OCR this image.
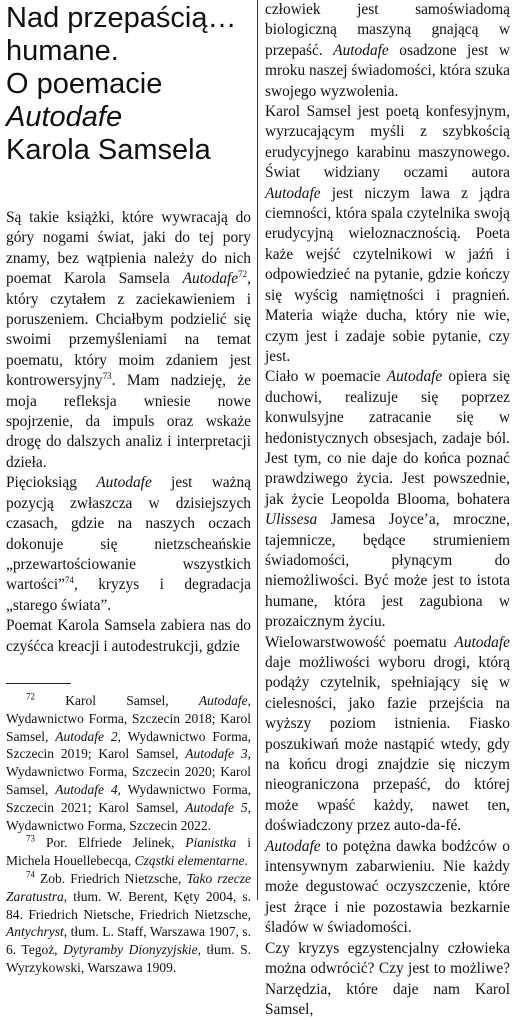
Nad przepaścią…
humane.
O poemacie
Autodafe
Karola Samsela

Są takie książki, które wywracają do góry nogami świat, jaki do tej pory znamy, bez wątpienia należy do nich poemat Karola Samsela Autodafe$^{72}$, który czytałem z zaciekawieniem i poruszeniem. Chciałbym podzielić się swoimi przemyśleniami na temat poematu, który moim zdaniem jest kontrowersyjny$^{73}$. Mam nadzieję, że moja refleksja wniesie nowe spojrzenie, da impuls oraz wskaże drogę do dalszych analiz i interpretacji dzieła.

Pięcioksiąg Autodafe jest ważną pozycją zwłaszcza w dzisiejszych czasach, gdzie na naszych oczach dokonuje się nietzscheańskie „przewartościowanie wszystkich wartości”$^{74}$, kryzys i degradacja „starego świata”.

Poemat Karola Samsela zabiera nas do czyśćca kreacji i autodestrukcji, gdzie

$^{72}$ Karol Samsel, Autodafe, Wydawnictwo Forma, Szczecin 2018; Karol Samsel, Autodafe 2, Wydawnictwo Forma, Szczecin 2019; Karol Samsel, Autodafe 3, Wydawnictwo Forma, Szczecin 2020; Karol Samsel, Autodafe 4, Wydawnictwo Forma, Szczecin 2021; Karol Samsel, Autodafe 5, Wydawnictwo Forma, Szczecin 2022.

$^{73}$ Por. Elfriede Jelinek, Pianistka i Michela Houellebecqa, Cząstki elementarne.

$^{74}$ Zob. Friedrich Nietzsche, Tako rzecze Zaratustra, tłum. W. Berent, Kęty 2004, s. 84. Friedrich Nietsche, Friedrich Nietzsche, Antychryst, tłum. L. Staff, Warszawa 1907, s. 6. Tegoż, Dytyramby Dionyzyjskie, tłum. S. Wyrzykowski, Warszawa 1909.

człowiek jest samoświadomą biologiczną maszyną gnającą w przepaść. Autodafe osadzone jest w mroku naszej świadomości, która szuka swojego wyzwolenia.

Karol Samsel jest poetą konfesyjnym, wyrzucającym myśli z szybkością erudycyjnego karabinu maszynowego. Świat widziany oczami autora Autodafe jest niczym lawa z jądra ciemności, która spala czytelnika swoją erudycyjną wieloznacznością. Poeta każe wejść czytelnikowi w jaźń i odpowiedzieć na pytanie, gdzie kończy się wyścig namiętności i pragnień. Materia wiąże ducha, który nie wie, czym jest i zadaje sobie pytanie, czy jest.

Ciało w poemacie Autodafe opiera się duchowi, realizuje się poprzez konwulsyjne zatracanie się w hedonistycznych obsesjach, zadaje ból. Jest tym, co nie daje do końca poznać prawdziwego życia. Jest powszednie, jak życie Leopolda Blooma, bohatera Ulissesa Jamesa Joyce’a, mroczne, tajemnicze, będące strumieniem świadomości, płynącym do niemożliwości. Być może jest to istota humane, która jest zagubiona w prozaicznym życiu.

Wielowarstwowość poematu Autodafe daje możliwości wyboru drogi, którą podąży czytelnik, spełniający się w cielesności, jako fazie przejścia na wyższy poziom istnienia. Fiasko poszukiwań może nastąpić wtedy, gdy na końcu drogi znajdzie się niczym nieograniczona przepaść, do której może wpaść każdy, nawet ten, doświadczony przez auto-da-fé.

Autodafe to potężna dawka bodźców o intensywnym zabarwieniu. Nie każdy może degustować oczyszczenie, które jest żrące i nie pozostawia bezkarnie śladów w świadomości.

Czy kryzys egzystencjalny człowieka można odwrócić? Czy jest to możliwe? Narzędzia, które daje nam Karol Samsel,
